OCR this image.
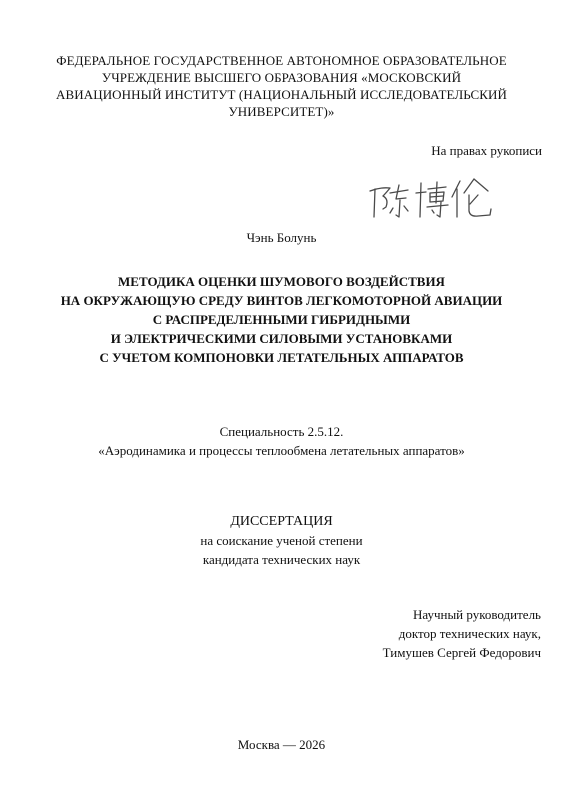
ФЕДЕРАЛЬНОЕ ГОСУДАРСТВЕННОЕ АВТОНОМНОЕ ОБРАЗОВАТЕЛЬНОЕ
УЧРЕЖДЕНИЕ ВЫСШЕГО ОБРАЗОВАНИЯ «МОСКОВСКИЙ
АВИАЦИОННЫЙ ИНСТИТУТ (НАЦИОНАЛЬНЫЙ ИССЛЕДОВАТЕЛЬСКИЙ
УНИВЕРСИТЕТ)»
На правах рукописи
Чэнь Болунь
МЕТОДИКА ОЦЕНКИ ШУМОВОГО ВОЗДЕЙСТВИЯ
НА ОКРУЖАЮЩУЮ СРЕДУ ВИНТОВ ЛЕГКОМОТОРНОЙ АВИАЦИИ
С РАСПРЕДЕЛЕННЫМИ ГИБРИДНЫМИ
И ЭЛЕКТРИЧЕСКИМИ СИЛОВЫМИ УСТАНОВКАМИ
С УЧЕТОМ КОМПОНОВКИ ЛЕТАТЕЛЬНЫХ АППАРАТОВ
Специальность 2.5.12.
«Аэродинамика и процессы теплообмена летательных аппаратов»
ДИССЕРТАЦИЯ
на соискание ученой степени
кандидата технических наук
Научный руководитель
доктор технических наук,
Тимушев Сергей Федорович
Москва — 2026
